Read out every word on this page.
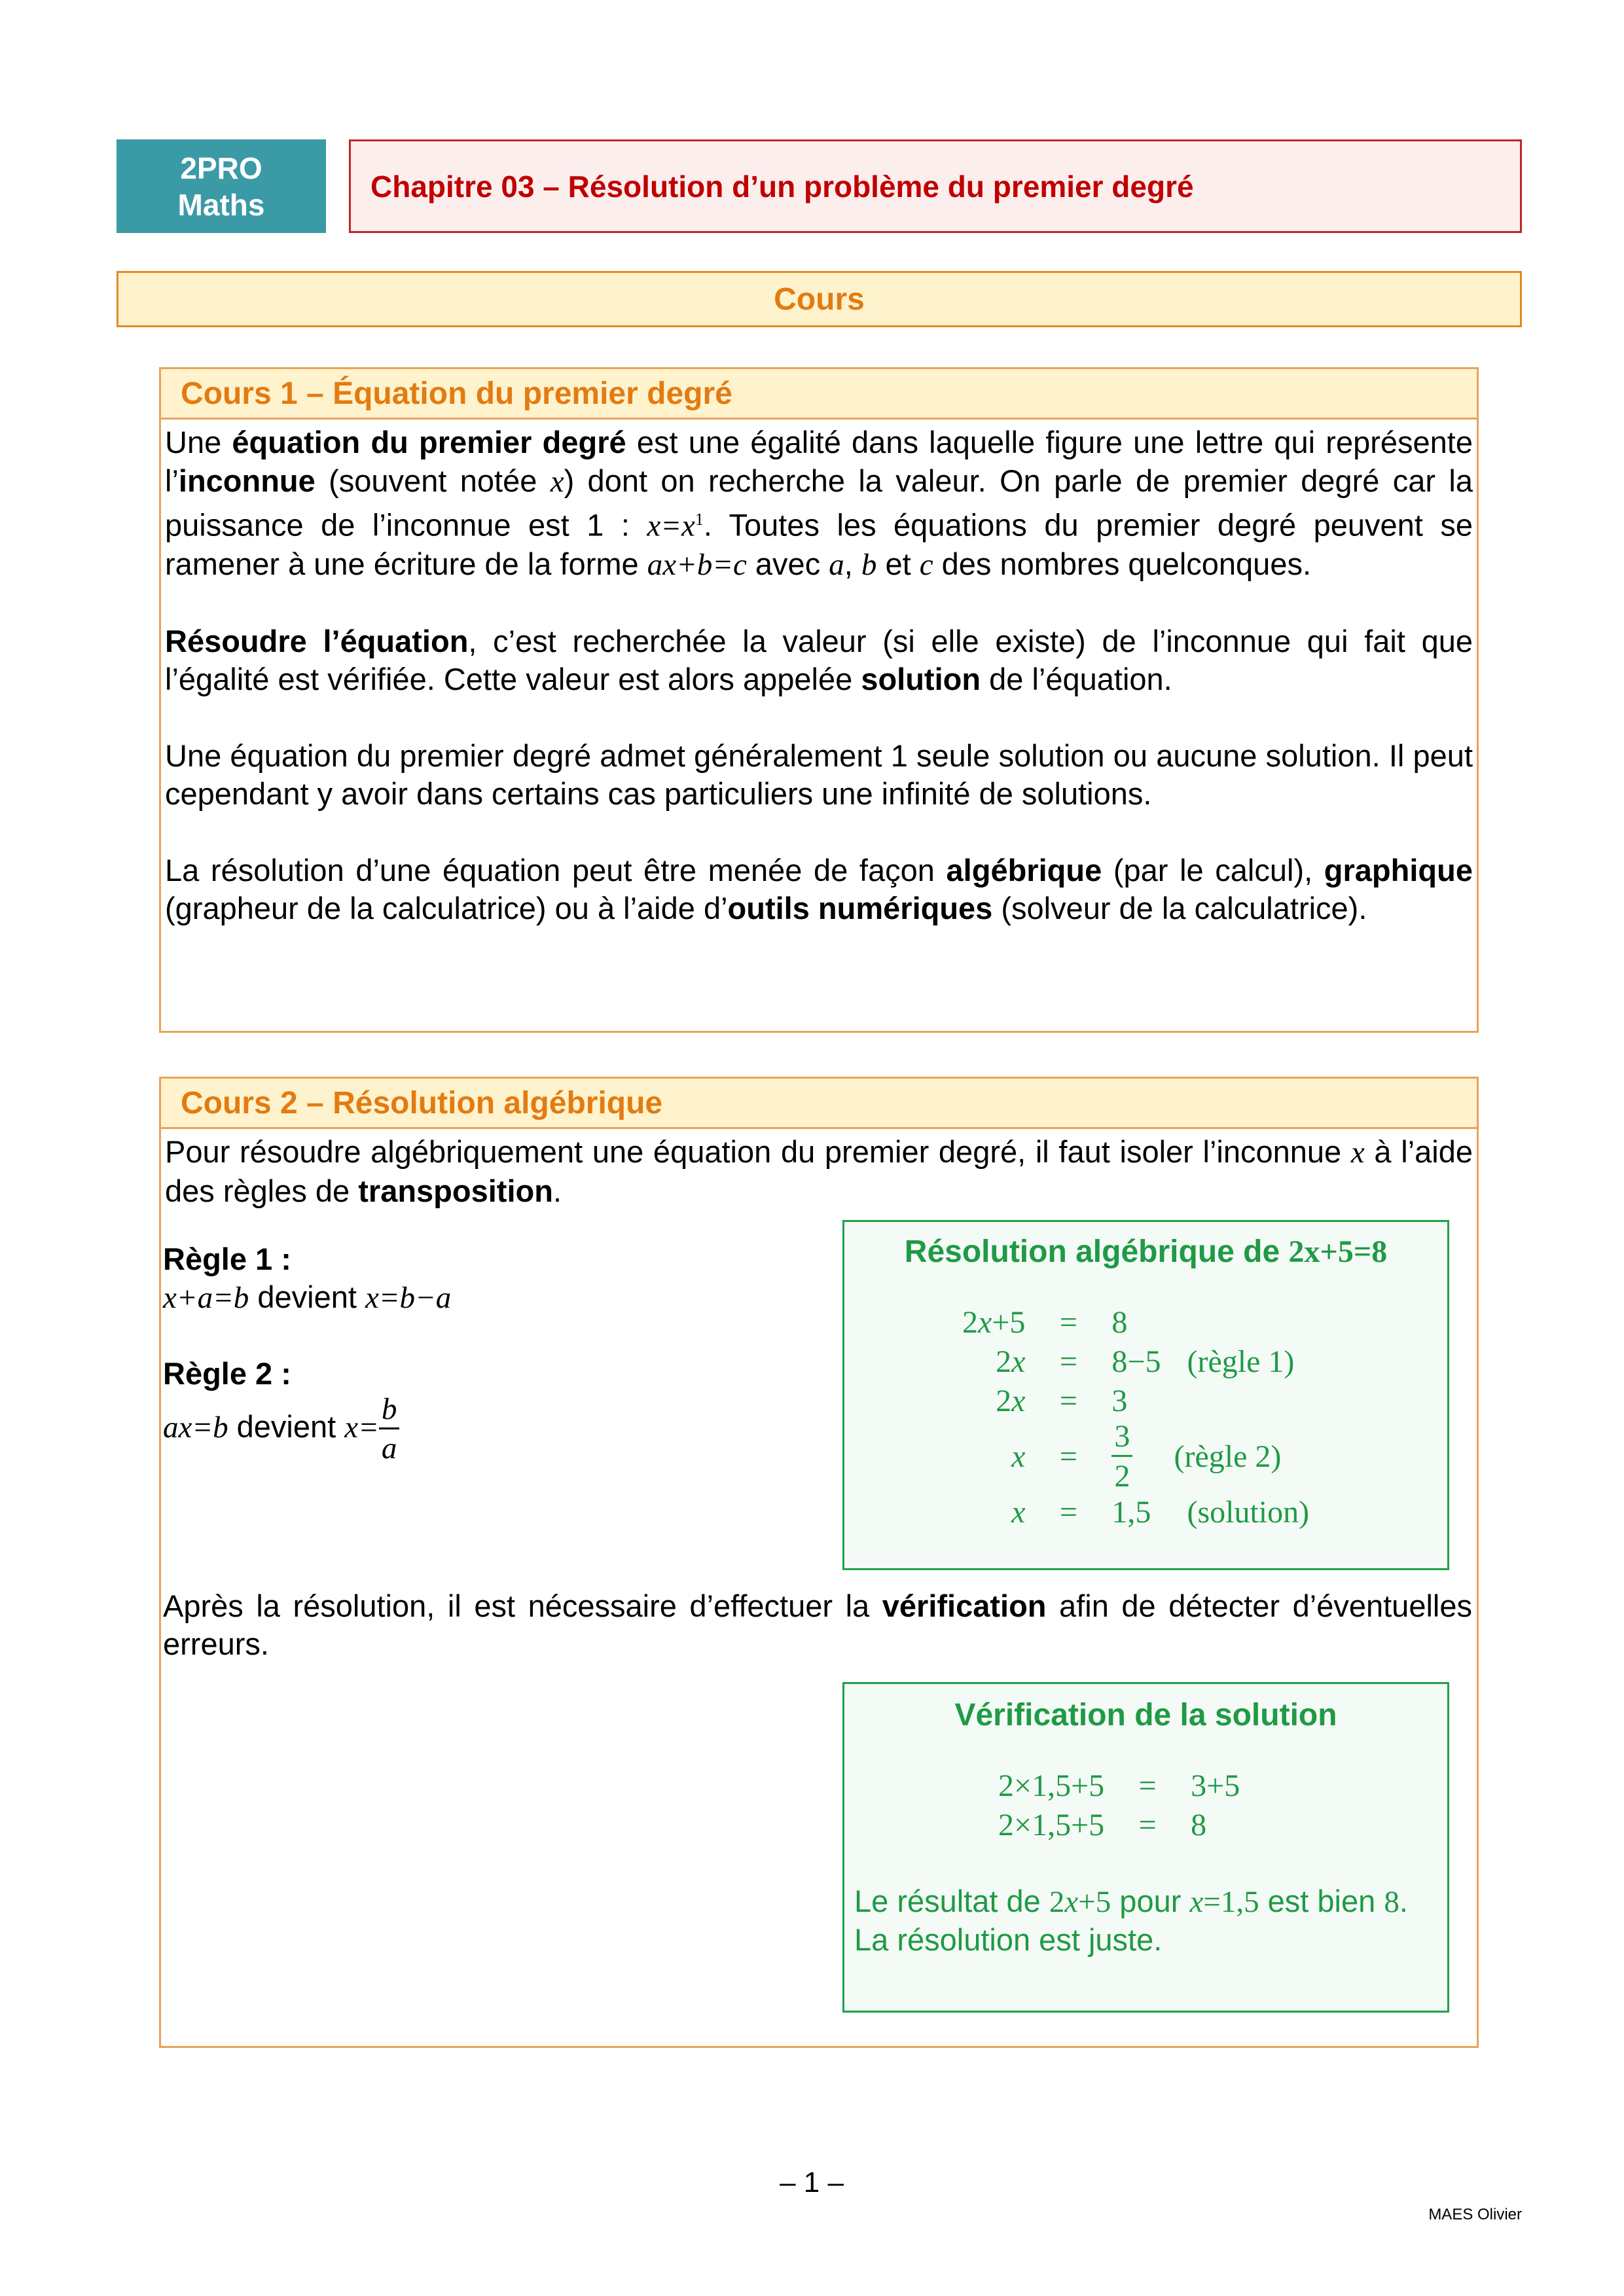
2PRO
Maths
Chapitre 03 – Résolution d’un problème du premier degré
Cours
Cours 1 – Équation du premier degré

Une équation du premier degré est une égalité dans laquelle figure une lettre qui représente l’inconnue (souvent notée x) dont on recherche la valeur. On parle de premier degré car la puissance de l’inconnue est 1 : $x=x^1$. Toutes les équations du premier degré peuvent se ramener à une écriture de la forme ax+b=c avec a, b et c des nombres quelconques.

Résoudre l’équation, c’est recherchée la valeur (si elle existe) de l’inconnue qui fait que l’égalité est vérifiée. Cette valeur est alors appelée solution de l’équation.

Une équation du premier degré admet généralement 1 seule solution ou aucune solution. Il peut cependant y avoir dans certains cas particuliers une infinité de solutions.

La résolution d’une équation peut être menée de façon algébrique (par le calcul), graphique (grapheur de la calculatrice) ou à l’aide d’outils numériques (solveur de la calculatrice).

Cours 2 – Résolution algébrique

Pour résoudre algébriquement une équation du premier degré, il faut isoler l’inconnue x à l’aide des règles de transposition.

Règle 1 :
x+a=b devient x=b−a
Règle 2 :
ax=b devient $x= \frac{b}{a}$
Résolution algébrique de 2x+5=8
2x+5	=	8	
2x	=	8−5	(règle 1)
2x	=	3	
x	=	$\frac{3}{2}$	(règle 2)
x	=	1,5	(solution)
Après la résolution, il est nécessaire d’effectuer la vérification afin de détecter d’éventuelles erreurs.
Vérification de la solution
2×1,5+5	=	3+5
2×1,5+5	=	8
Le résultat de 2x+5 pour x=1,5 est bien 8.
La résolution est juste.
– 1 –
MAES Olivier
